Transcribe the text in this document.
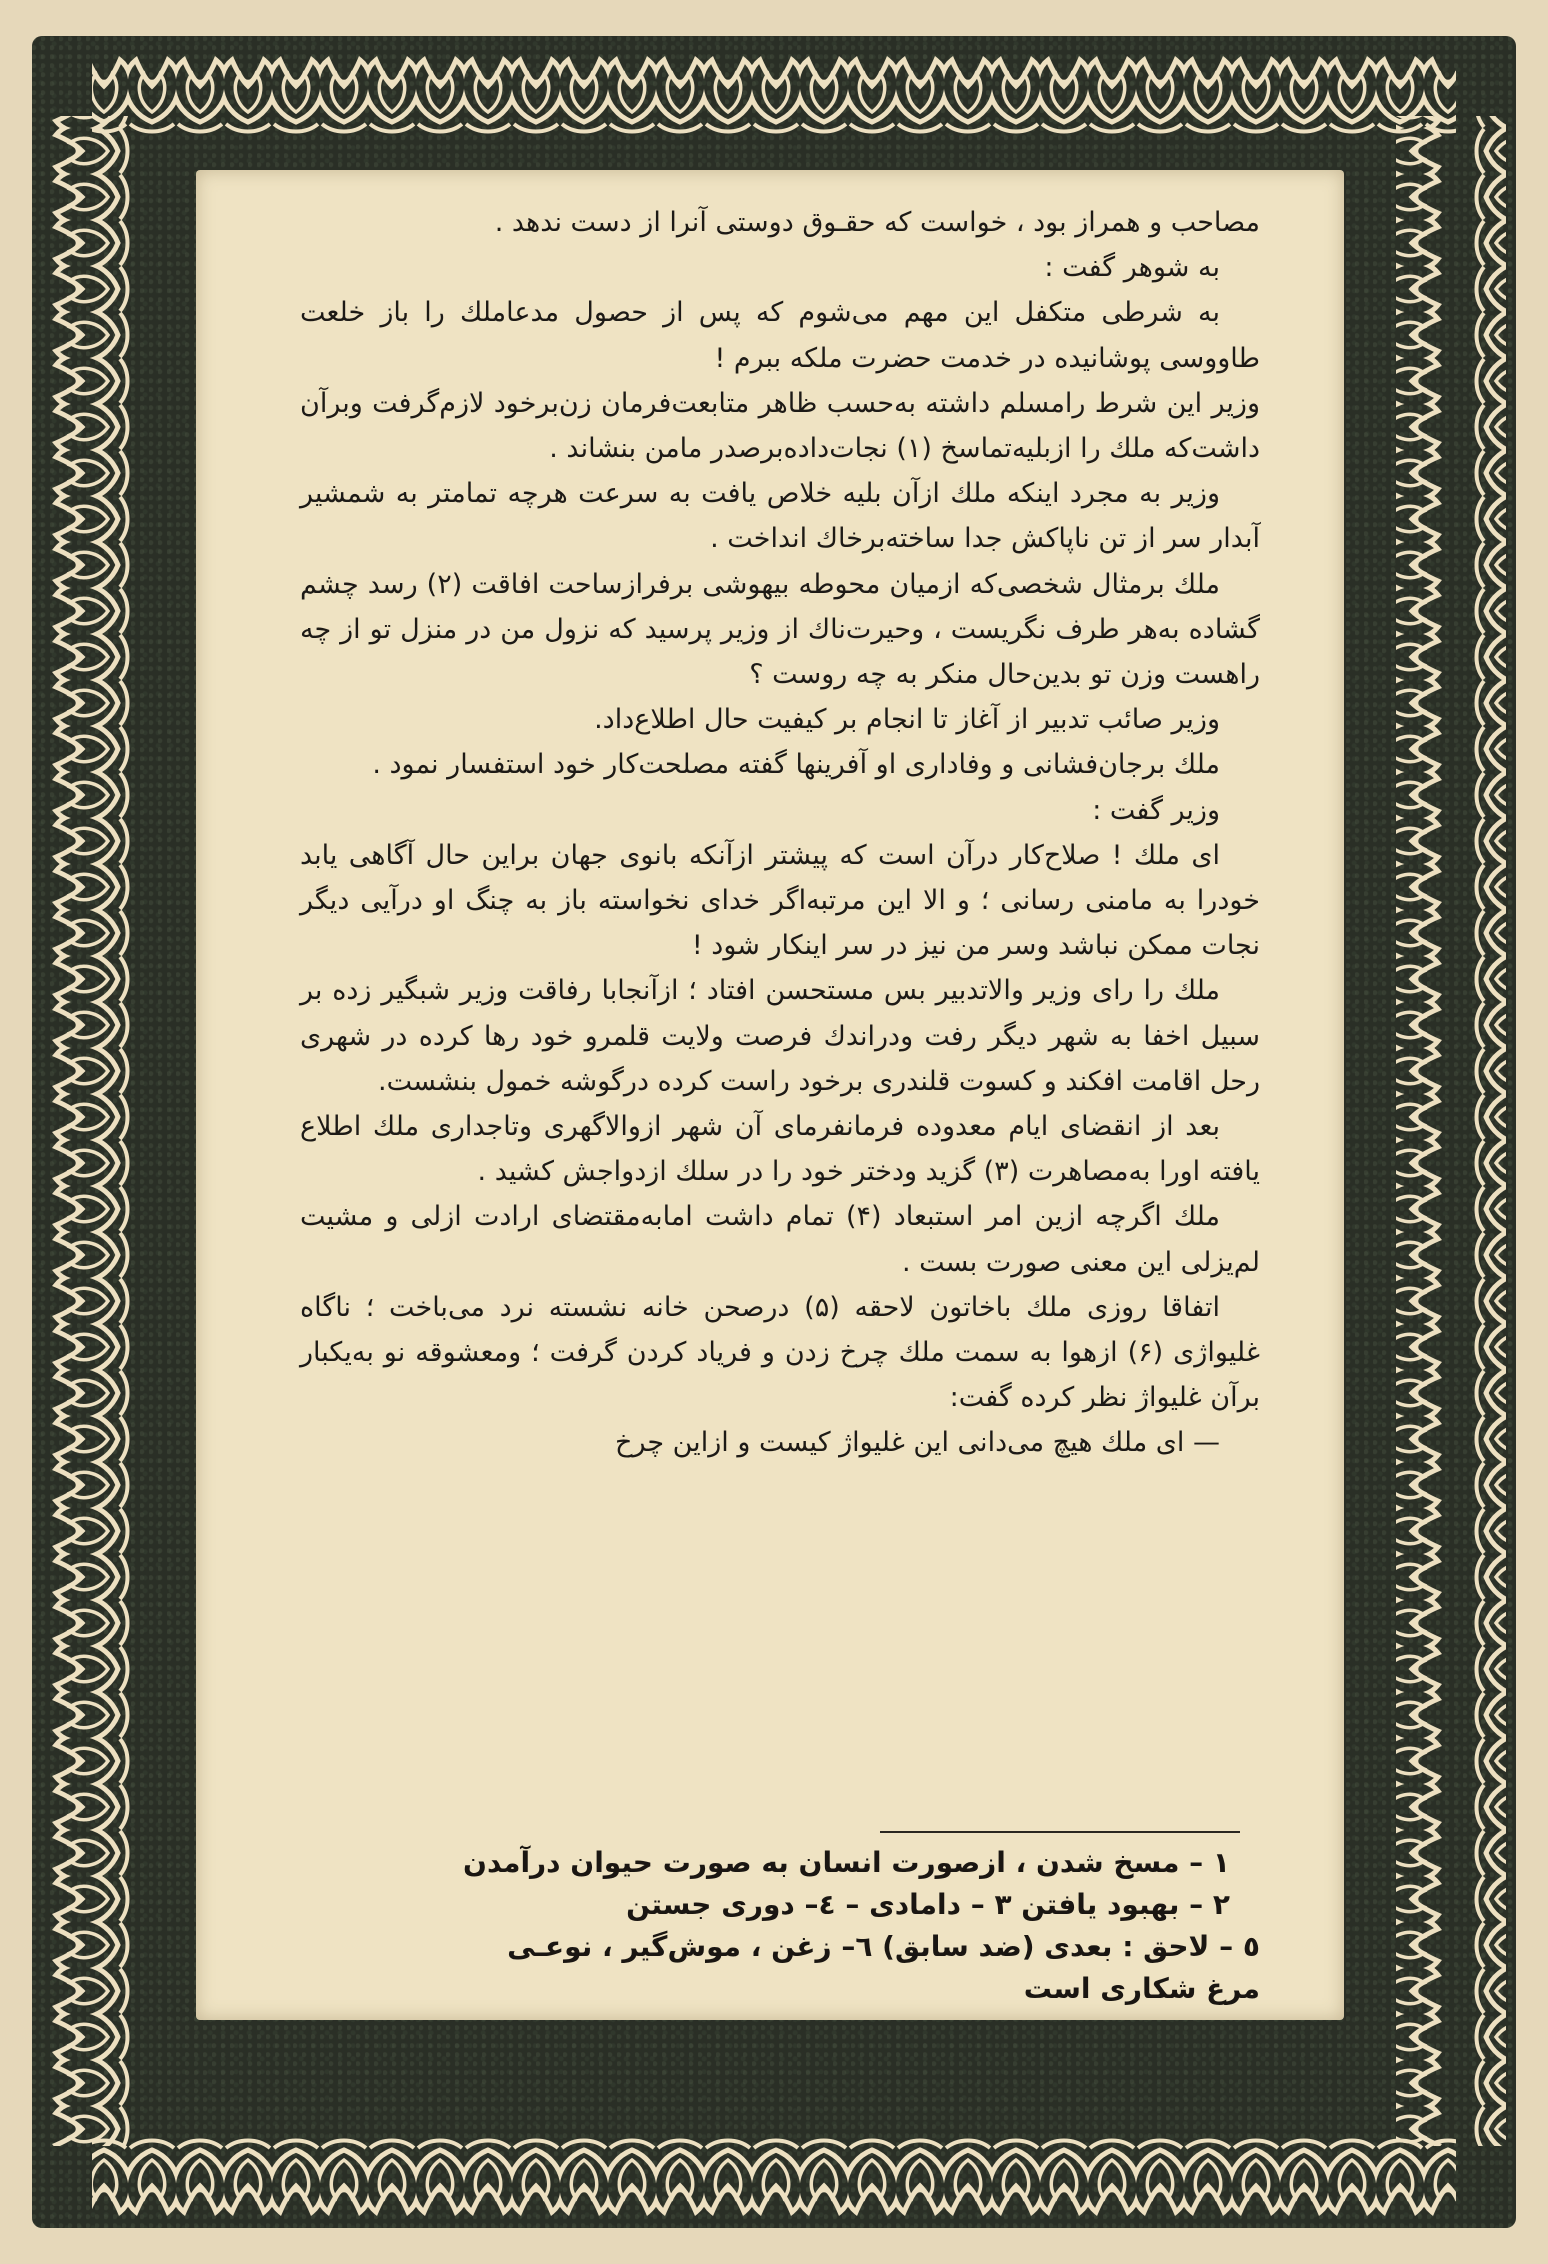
مصاحب و همراز بود ، خواست که حقـوق دوستی آنرا از دست ندهد .

به شوهر گفت :

به شرطی متکفل این مهم می‌شوم که پس از حصول مدعاملك را باز خلعت طاووسی پوشانیده در خدمت حضرت ملکه ببرم !

وزیر این شرط رامسلم داشته به‌حسب ظاهر متابعت‌فرمان زن‌برخود لازم‌گرفت وبرآن داشت‌که ملك را ازبلیه‌تماسخ (۱) نجات‌داده‌برصدر مامن بنشاند .

وزیر به مجرد اینکه ملك ازآن بلیه خلاص یافت به سرعت هرچه تمامتر به شمشیر آبدار سر از تن ناپاکش جدا ساخته‌برخاك انداخت .

ملك برمثال شخصی‌که ازمیان محوطه بیهوشی برفرازساحت افاقت (۲) رسد چشم گشاده به‌هر طرف نگریست ، وحیرت‌ناك از وزیر پرسید که نزول من در منزل تو از چه راهست وزن تو بدین‌حال منکر به چه روست ؟

وزیر صائب تدبیر از آغاز تا انجام بر کیفیت حال اطلاع‌داد.

ملك برجان‌فشانی و وفاداری او آفرینها گفته مصلحت‌کار خود استفسار نمود .

وزیر گفت :

ای ملك ! صلاح‌کار درآن است که پیشتر ازآنکه بانوی جهان براین حال آگاهی یابد خودرا به مامنی رسانی ؛ و الا این مرتبه‌اگر خدای نخواسته باز به چنگ او درآیی دیگر نجات ممکن نباشد وسر من نیز در سر اینکار شود !

ملك را رای وزیر والاتدبیر بس مستحسن افتاد ؛ ازآنجابا رفاقت وزیر شبگیر زده بر سبیل اخفا به شهر دیگر رفت ودراندك فرصت ولایت قلمرو خود رها کرده در شهری رحل اقامت افکند و کسوت قلندری برخود راست کرده درگوشه خمول بنشست.

بعد از انقضای ایام معدوده فرمانفرمای آن شهر ازوالاگهری وتاجداری ملك اطلاع یافته اورا به‌مصاهرت (۳) گزید ودختر خود را در سلك ازدواجش کشید .

ملك اگرچه ازین امر استبعاد (۴) تمام داشت امابه‌مقتضای ارادت ازلی و مشیت لم‌یزلی این معنی صورت بست .

اتفاقا روزی ملك باخاتون لاحقه (۵) درصحن خانه نشسته نرد می‌باخت ؛ ناگاه غلیواژی (۶) ازهوا به سمت ملك چرخ زدن و فریاد کردن گرفت ؛ ومعشوقه نو به‌یکبار برآن غلیواژ نظر کرده گفت:

— ای ملك هیچ می‌دانی این غلیواژ کیست و ازاین چرخ

۱ – مسخ شدن ، ازصورت انسان به صورت حیوان درآمدن

۲ – بهبود یافتن ۳ – دامادی – ٤– دوری جستن

٥ – لاحق : بعدی (ضد سابق) ٦– زغن ، موش‌گیر ، نوعـی

مرغ شکاری است
